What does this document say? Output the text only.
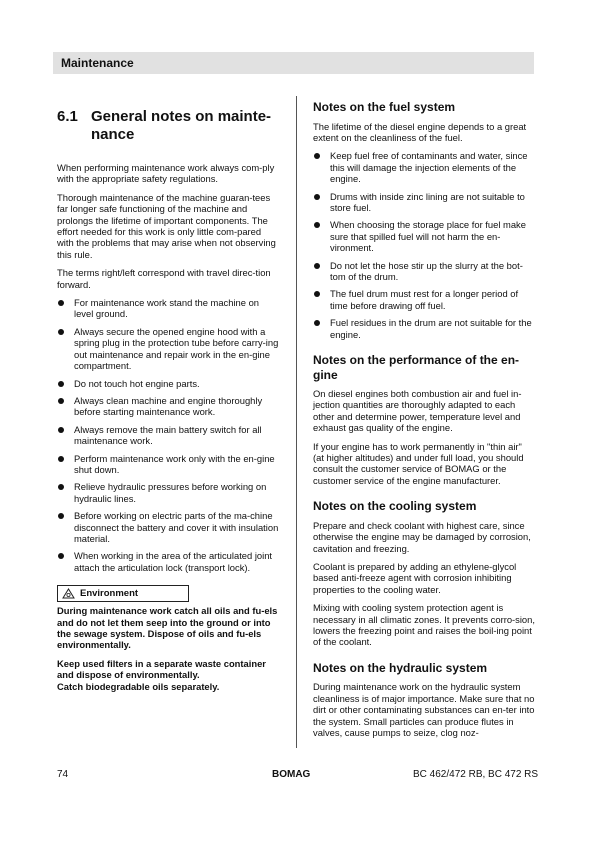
Maintenance
6.1 General notes on mainte-
nance

When performing maintenance work always com-ply with the appropriate safety regulations.

Thorough maintenance of the machine guaran-tees far longer safe functioning of the machine and prolongs the lifetime of important components. The effort needed for this work is only little com-pared with the problems that may arise when not observing this rule.

The terms right/left correspond with travel direc-tion forward.

For maintenance work stand the machine on level ground.
Always secure the opened engine hood with a spring plug in the protection tube before carry-ing out maintenance and repair work in the en-gine compartment.
Do not touch hot engine parts.
Always clean machine and engine thoroughly before starting maintenance work.
Always remove the main battery switch for all maintenance work.
Perform maintenance work only with the en-gine shut down.
Relieve hydraulic pressures before working on hydraulic lines.
Before working on electric parts of the ma-chine disconnect the battery and cover it with insulation material.
When working in the area of the articulated joint attach the articulation lock (transport lock).
Environment

During maintenance work catch all oils and fu-els and do not let them seep into the ground or into the sewage system. Dispose of oils and fu-els environmentally.

Keep used filters in a separate waste container and dispose of environmentally.
Catch biodegradable oils separately.

Notes on the fuel system

The lifetime of the diesel engine depends to a great extent on the cleanliness of the fuel.

Keep fuel free of contaminants and water, since this will damage the injection elements of the engine.
Drums with inside zinc lining are not suitable to store fuel.
When choosing the storage place for fuel make sure that spilled fuel will not harm the en-vironment.
Do not let the hose stir up the slurry at the bot-tom of the drum.
The fuel drum must rest for a longer period of time before drawing off fuel.
Fuel residues in the drum are not suitable for the engine.
Notes on the performance of the en-gine

On diesel engines both combustion air and fuel in-jection quantities are thoroughly adapted to each other and determine power, temperature level and exhaust gas quality of the engine.

If your engine has to work permanently in "thin air" (at higher altitudes) and under full load, you should consult the customer service of BOMAG or the customer service of the engine manufacturer.

Notes on the cooling system

Prepare and check coolant with highest care, since otherwise the engine may be damaged by corrosion, cavitation and freezing.

Coolant is prepared by adding an ethylene-glycol based anti-freeze agent with corrosion inhibiting properties to the cooling water.

Mixing with cooling system protection agent is necessary in all climatic zones. It prevents corro-sion, lowers the freezing point and raises the boil-ing point of the coolant.

Notes on the hydraulic system

During maintenance work on the hydraulic system cleanliness is of major importance. Make sure that no dirt or other contaminating substances can en-ter into the system. Small particles can produce flutes in valves, cause pumps to seize, clog noz-

74	BOMAG	BC 462/472 RB, BC 472 RS
